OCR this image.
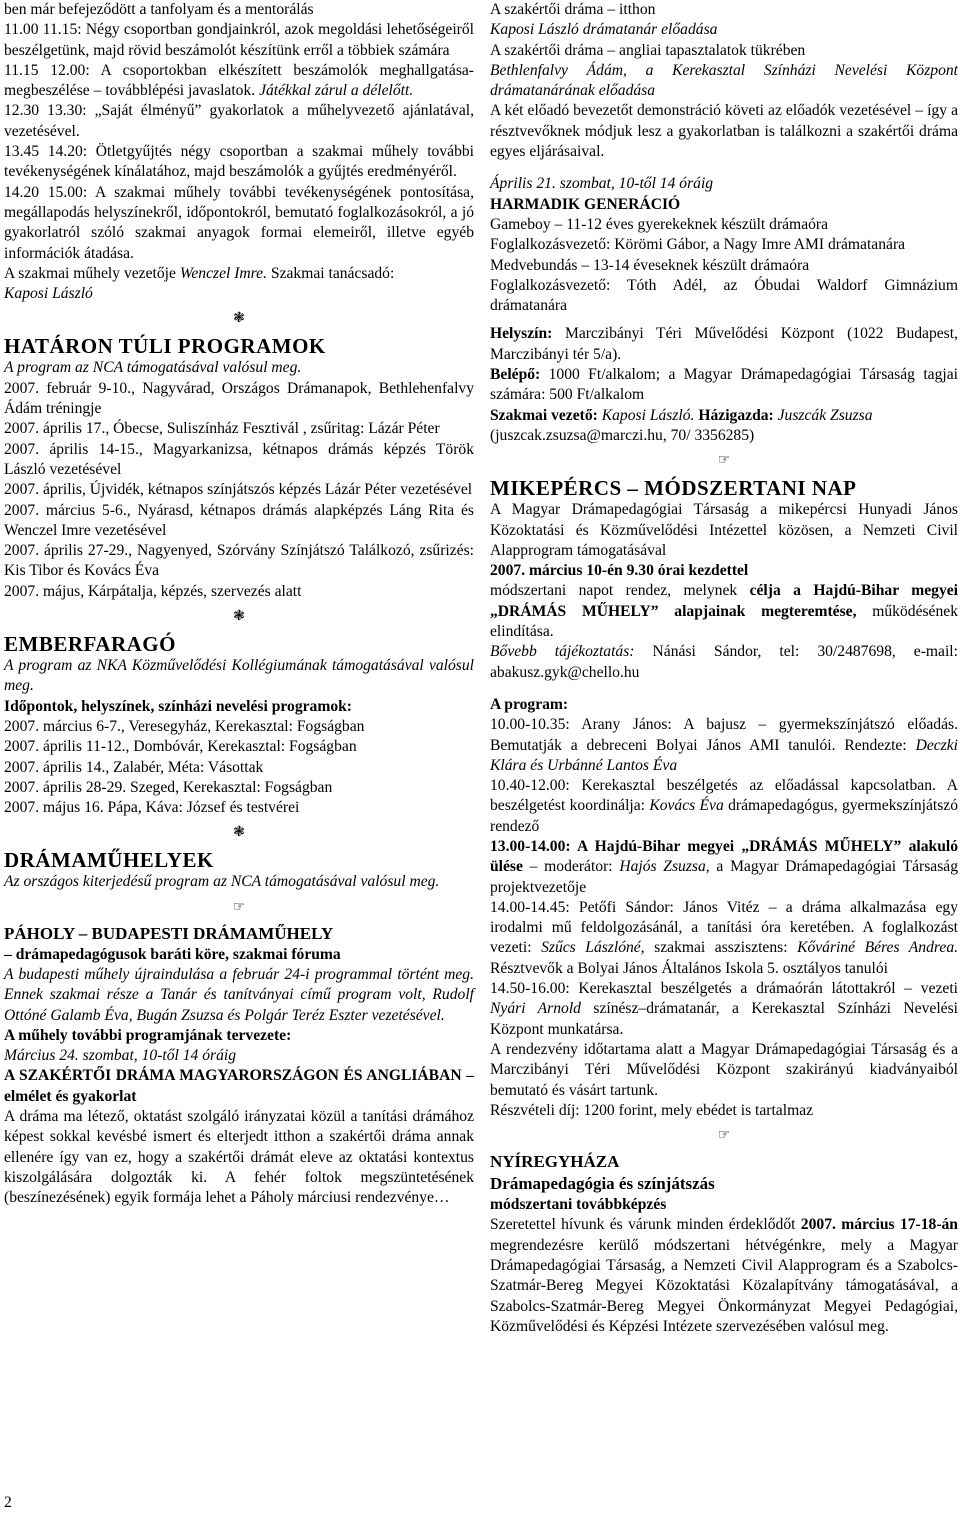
ben már befejeződött a tanfolyam és a mentorálás

11.00 11.15: Négy csoportban gondjainkról, azok megoldási lehetőségeiről beszélgetünk, majd rövid beszámolót készítünk erről a többiek számára

11.15 12.00: A csoportokban elkészített beszámolók meghallgatása-megbeszélése – továbblépési javaslatok. Játékkal zárul a délelőtt.

12.30 13.30: „Saját élményű” gyakorlatok a műhelyvezető ajánlatával, vezetésével.

13.45 14.20: Ötletgyűjtés négy csoportban a szakmai műhely további tevékenységének kínálatához, majd beszámolók a gyűjtés eredményéről.

14.20 15.00: A szakmai műhely további tevékenységének pontosítása, megállapodás helyszínekről, időpontokról, bemutató foglalkozásokról, a jó gyakorlatról szóló szakmai anyagok formai elemeiről, illetve egyéb információk átadása.

A szakmai műhely vezetője Wenczel Imre. Szakmai tanácsadó:
Kaposi László

❃
HATÁRON TÚLI PROGRAMOK

A program az NCA támogatásával valósul meg.

2007. február 9-10., Nagyvárad, Országos Drámanapok, Bethlehenfalvy Ádám tréningje

2007. április 17., Óbecse, Suliszínház Fesztivál , zsűritag: Lázár Péter

2007. április 14-15., Magyarkanizsa, kétnapos drámás képzés Török László vezetésével

2007. április, Újvidék, kétnapos színjátszós képzés Lázár Péter vezetésével

2007. március 5-6., Nyárasd, kétnapos drámás alapképzés Láng Rita és Wenczel Imre vezetésével

2007. április 27-29., Nagyenyed, Szórvány Színjátszó Találkozó, zsűrizés: Kis Tibor és Kovács Éva

2007. május, Kárpátalja, képzés, szervezés alatt

❃
EMBERFARAGÓ

A program az NKA Közművelődési Kollégiumának támogatásával valósul meg.

Időpontok, helyszínek, színházi nevelési programok:

2007. március 6-7., Veresegyház, Kerekasztal: Fogságban

2007. április 11-12., Dombóvár, Kerekasztal: Fogságban

2007. április 14., Zalabér, Méta: Vásottak

2007. április 28-29. Szeged, Kerekasztal: Fogságban

2007. május 16. Pápa, Káva: József és testvérei

❃
DRÁMAMŰHELYEK

Az országos kiterjedésű program az NCA támogatásával valósul meg.

☞
PÁHOLY – BUDAPESTI DRÁMAMŰHELY

– drámapedagógusok baráti köre, szakmai fóruma

A budapesti műhely újraindulása a február 24-i programmal történt meg. Ennek szakmai része a Tanár és tanítványai című program volt, Rudolf Ottóné Galamb Éva, Bugán Zsuzsa és Polgár Teréz Eszter vezetésével.

A műhely további programjának tervezete:

Március 24. szombat, 10-től 14 óráig

A SZAKÉRTŐI DRÁMA MAGYARORSZÁGON ÉS ANGLIÁBAN – elmélet és gyakorlat

A dráma ma létező, oktatást szolgáló irányzatai közül a tanítási drámához képest sokkal kevésbé ismert és elterjedt itthon a szakértői dráma annak ellenére így van ez, hogy a szakértői drámát eleve az oktatási kontextus kiszolgálására dolgozták ki. A fehér foltok megszüntetésének (beszínezésének) egyik formája lehet a Páholy márciusi rendezvénye…

A szakértői dráma – itthon

Kaposi László drámatanár előadása

A szakértői dráma – angliai tapasztalatok tükrében

Bethlenfalvy Ádám, a Kerekasztal Színházi Nevelési Központ drámatanárának előadása

A két előadó bevezetőt demonstráció követi az előadók vezetésével – így a résztvevőknek módjuk lesz a gyakorlatban is találkozni a szakértői dráma egyes eljárásaival.

Április 21. szombat, 10-től 14 óráig

HARMADIK GENERÁCIÓ

Gameboy – 11-12 éves gyerekeknek készült drámaóra

Foglalkozásvezető: Körömi Gábor, a Nagy Imre AMI drámatanára

Medvebundás – 13-14 éveseknek készült drámaóra

Foglalkozásvezető: Tóth Adél, az Óbudai Waldorf Gimnázium drámatanára

Helyszín: Marczibányi Téri Művelődési Központ (1022 Budapest, Marczibányi tér 5/a).

Belépő: 1000 Ft/alkalom; a Magyar Drámapedagógiai Társaság tagjai számára: 500 Ft/alkalom

Szakmai vezető: Kaposi László. Házigazda: Juszcák Zsuzsa

(juszcak.zsuzsa@marczi.hu, 70/ 3356285)

☞
MIKEPÉRCS – MÓDSZERTANI NAP

A Magyar Drámapedagógiai Társaság a mikepércsi Hunyadi János Közoktatási és Közművelődési Intézettel közösen, a Nemzeti Civil Alapprogram támogatásával

2007. március 10-én 9.30 órai kezdettel

módszertani napot rendez, melynek célja a Hajdú-Bihar megyei „DRÁMÁS MŰHELY” alapjainak megteremtése, működésének elindítása.

Bővebb tájékoztatás: Nánási Sándor, tel: 30/2487698, e-mail: abakusz.gyk@chello.hu

A program:

10.00-10.35: Arany János: A bajusz – gyermekszínjátszó előadás. Bemutatják a debreceni Bolyai János AMI tanulói. Rendezte: Deczki Klára és Urbánné Lantos Éva

10.40-12.00: Kerekasztal beszélgetés az előadással kapcsolatban. A beszélgetést koordinálja: Kovács Éva drámapedagógus, gyermekszínjátszó rendező

13.00-14.00: A Hajdú-Bihar megyei „DRÁMÁS MŰHELY” alakuló ülése – moderátor: Hajós Zsuzsa, a Magyar Drámapedagógiai Társaság projektvezetője

14.00-14.45: Petőfi Sándor: János Vitéz – a dráma alkalmazása egy irodalmi mű feldolgozásánál, a tanítási óra keretében. A foglalkozást vezeti: Szűcs Lászlóné, szakmai asszisztens: Kőváriné Béres Andrea. Résztvevők a Bolyai János Általános Iskola 5. osztályos tanulói

14.50-16.00: Kerekasztal beszélgetés a drámaórán látottakról – vezeti Nyári Arnold színész–drámatanár, a Kerekasztal Színházi Nevelési Központ munkatársa.

A rendezvény időtartama alatt a Magyar Drámapedagógiai Társaság és a Marczibányi Téri Művelődési Központ szakirányú kiadványaiból bemutató és vásárt tartunk.

Részvételi díj: 1200 forint, mely ebédet is tartalmaz

☞
NYÍREGYHÁZA
Drámapedagógia és színjátszás

módszertani továbbképzés

Szeretettel hívunk és várunk minden érdeklődőt 2007. március 17-18-án megrendezésre kerülő módszertani hétvégénkre, mely a Magyar Drámapedagógiai Társaság, a Nemzeti Civil Alapprogram és a Szabolcs-Szatmár-Bereg Megyei Közoktatási Közalapítvány támogatásával, a Szabolcs-Szatmár-Bereg Megyei Önkormányzat Megyei Pedagógiai, Közművelődési és Képzési Intézete szervezésében valósul meg.

2
